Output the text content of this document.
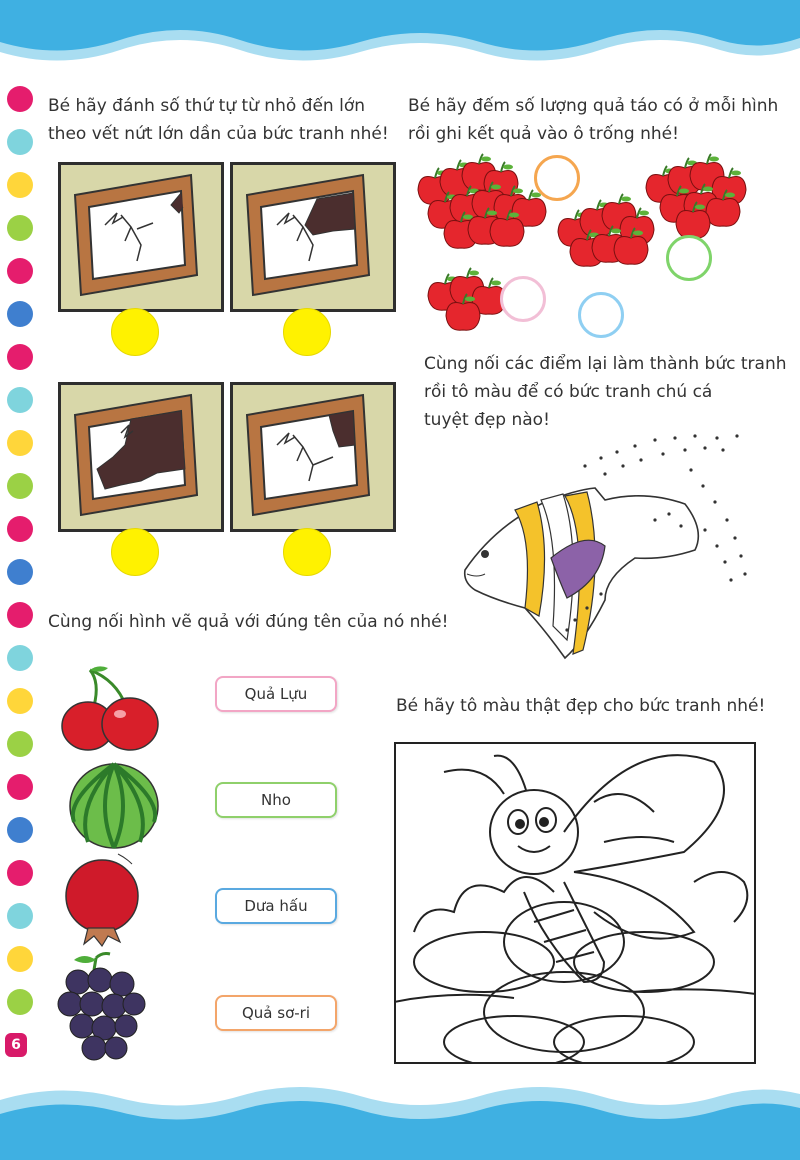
6
Bé hãy đánh số thứ tự từ nhỏ đến lớn
theo vết nứt lớn dần của bức tranh nhé!
Bé hãy đếm số lượng quả táo có ở mỗi hình
rồi ghi kết quả vào ô trống nhé!
Cùng nối các điểm lại làm thành bức tranh
rồi tô màu để có bức tranh chú cá
tuyệt đẹp nào!
Cùng nối hình vẽ quả với đúng tên của nó nhé!
Quả Lựu
Nho
Dưa hấu
Quả sơ-ri
Bé hãy tô màu thật đẹp cho bức tranh nhé!
